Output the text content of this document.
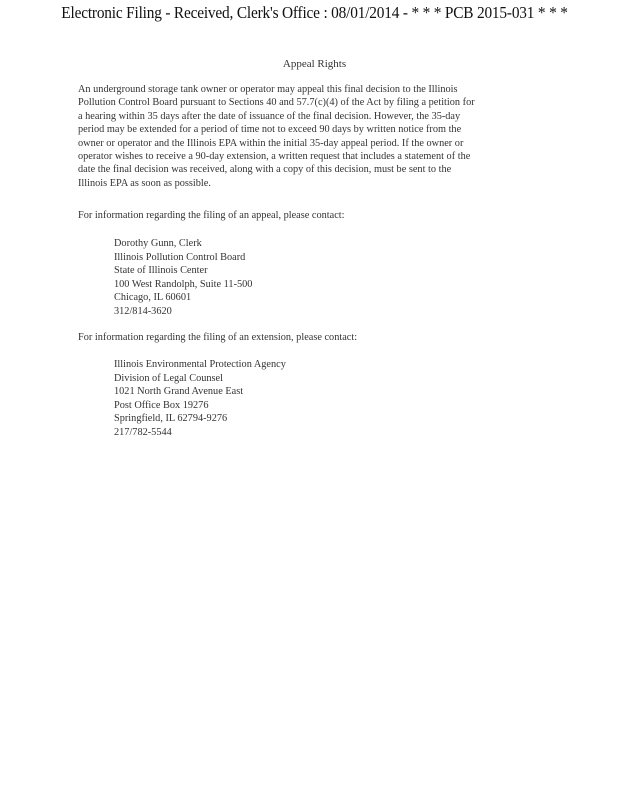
Electronic Filing - Received, Clerk's Office : 08/01/2014 - * * * PCB 2015-031 * * *
Appeal Rights
An underground storage tank owner or operator may appeal this final decision to the Illinois
Pollution Control Board pursuant to Sections 40 and 57.7(c)(4) of the Act by filing a petition for
a hearing within 35 days after the date of issuance of the final decision. However, the 35-day
period may be extended for a period of time not to exceed 90 days by written notice from the
owner or operator and the Illinois EPA within the initial 35-day appeal period. If the owner or
operator wishes to receive a 90-day extension, a written request that includes a statement of the
date the final decision was received, along with a copy of this decision, must be sent to the
Illinois EPA as soon as possible.
For information regarding the filing of an appeal, please contact:
Dorothy Gunn, Clerk
Illinois Pollution Control Board
State of Illinois Center
100 West Randolph, Suite 11-500
Chicago, IL 60601
312/814-3620
For information regarding the filing of an extension, please contact:
Illinois Environmental Protection Agency
Division of Legal Counsel
1021 North Grand Avenue East
Post Office Box 19276
Springfield, IL 62794-9276
217/782-5544
